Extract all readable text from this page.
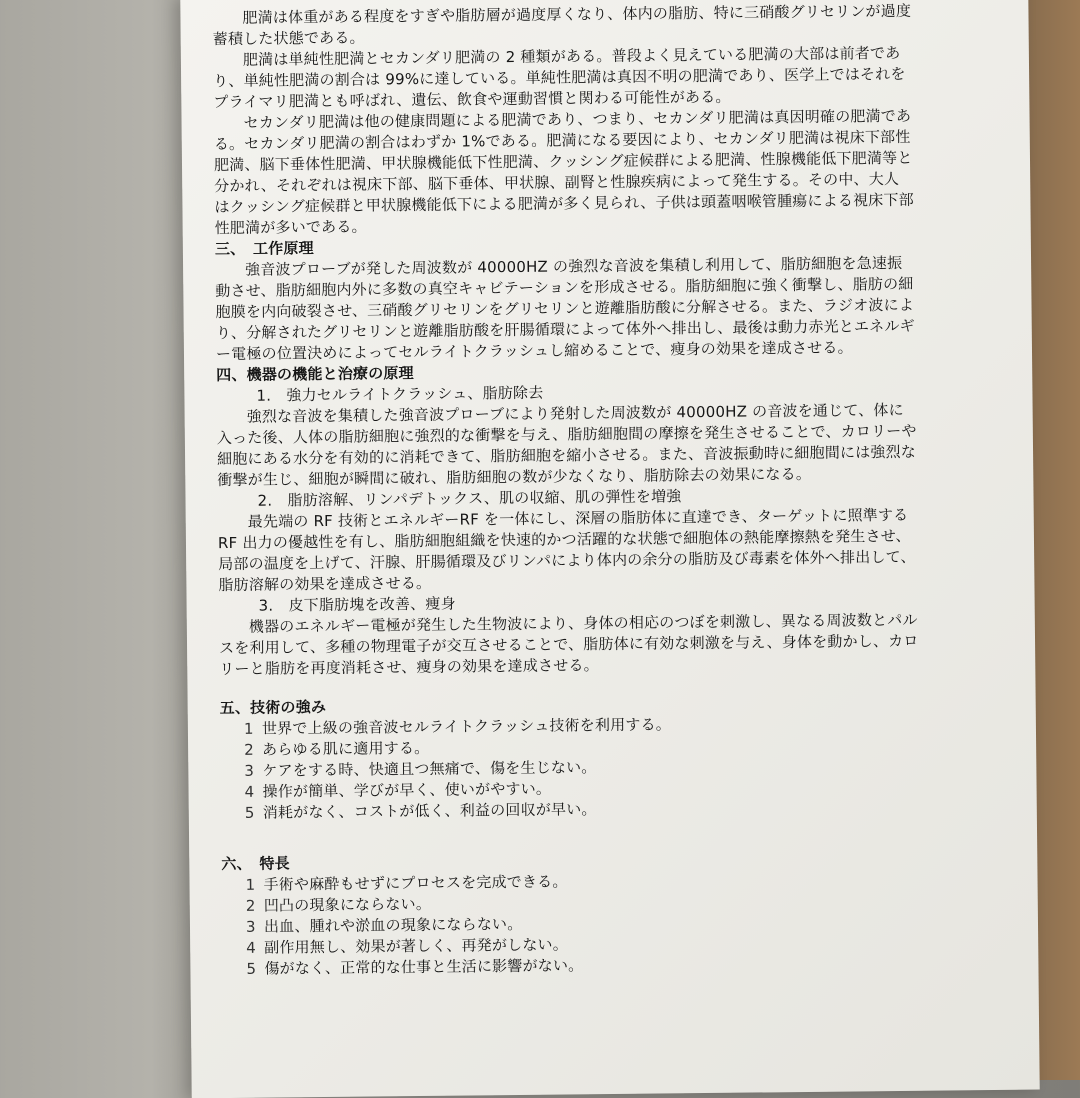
肥満は体重がある程度をすぎや脂肪層が過度厚くなり、体内の脂肪、特に三硝酸グリセリンが過度蓄積した状態である。

肥満は単純性肥満とセカンダリ肥満の 2 種類がある。普段よく見えている肥満の大部は前者であり、単純性肥満の割合は 99%に達している。単純性肥満は真因不明の肥満であり、医学上ではそれをプライマリ肥満とも呼ばれ、遺伝、飲食や運動習慣と関わる可能性がある。

セカンダリ肥満は他の健康問題による肥満であり、つまり、セカンダリ肥満は真因明確の肥満である。セカンダリ肥満の割合はわずか 1%である。肥満になる要因により、セカンダリ肥満は視床下部性肥満、脳下垂体性肥満、甲状腺機能低下性肥満、クッシング症候群による肥満、性腺機能低下肥満等と分かれ、それぞれは視床下部、脳下垂体、甲状腺、副腎と性腺疾病によって発生する。その中、大人はクッシング症候群と甲状腺機能低下による肥満が多く見られ、子供は頭蓋咽喉管腫瘍による視床下部性肥満が多いである。

三、　工作原理

強音波プローブが発した周波数が 40000HZ の強烈な音波を集積し利用して、脂肪細胞を急速振動させ、脂肪細胞内外に多数の真空キャビテーションを形成させる。脂肪細胞に強く衝撃し、脂肪の細胞膜を内向破裂させ、三硝酸グリセリンをグリセリンと遊離脂肪酸に分解させる。また、ラジオ波により、分解されたグリセリンと遊離脂肪酸を肝腸循環によって体外へ排出し、最後は動力赤光とエネルギー電極の位置決めによってセルライトクラッシュし縮めることで、痩身の効果を達成させる。

四、機器の機能と治療の原理

1.　強力セルライトクラッシュ、脂肪除去

強烈な音波を集積した強音波プローブにより発射した周波数が 40000HZ の音波を通じて、体に入った後、人体の脂肪細胞に強烈的な衝撃を与え、脂肪細胞間の摩擦を発生させることで、カロリーや細胞にある水分を有効的に消耗できて、脂肪細胞を縮小させる。また、音波振動時に細胞間には強烈な衝撃が生じ、細胞が瞬間に破れ、脂肪細胞の数が少なくなり、脂肪除去の効果になる。

2.　脂肪溶解、リンパデトックス、肌の収縮、肌の弾性を増強

最先端の RF 技術とエネルギーRF を一体にし、深層の脂肪体に直達でき、ターゲットに照準する RF 出力の優越性を有し、脂肪細胞組織を快速的かつ活躍的な状態で細胞体の熱能摩擦熱を発生させ、局部の温度を上げて、汗腺、肝腸循環及びリンパにより体内の余分の脂肪及び毒素を体外へ排出して、脂肪溶解の効果を達成させる。

3.　皮下脂肪塊を改善、痩身

機器のエネルギー電極が発生した生物波により、身体の相応のつぼを刺激し、異なる周波数とパルスを利用して、多種の物理電子が交互させることで、脂肪体に有効な刺激を与え、身体を動かし、カロリーと脂肪を再度消耗させ、痩身の効果を達成させる。

五、技術の強み

1 世界で上級の強音波セルライトクラッシュ技術を利用する。

2 あらゆる肌に適用する。

3 ケアをする時、快適且つ無痛で、傷を生じない。

4 操作が簡単、学びが早く、使いがやすい。

5 消耗がなく、コストが低く、利益の回収が早い。

六、　特長

1 手術や麻酔もせずにプロセスを完成できる。

2 凹凸の現象にならない。

3 出血、腫れや淤血の現象にならない。

4 副作用無し、効果が著しく、再発がしない。

5 傷がなく、正常的な仕事と生活に影響がない。
